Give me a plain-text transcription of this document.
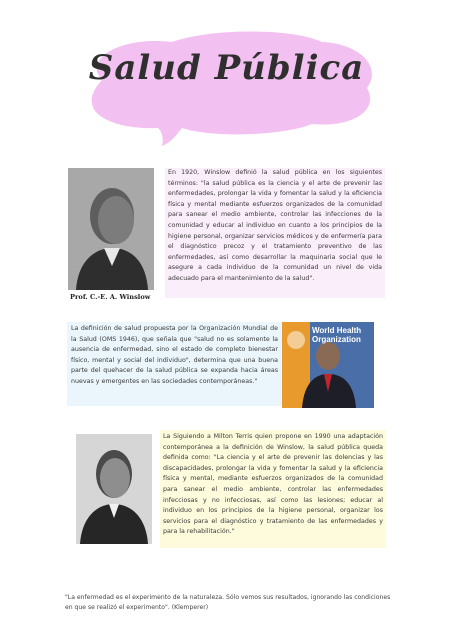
Salud Pública
Prof. C.-E. A. Winslow
En 1920, Winslow definió la salud pública en los siguientes términos: "la salud pública es la ciencia y el arte de prevenir las enfermedades, prolongar la vida y fomentar la salud y la eficiencia física y mental mediante esfuerzos organizados de la comunidad para sanear el medio ambiente, controlar las infecciones de la comunidad y educar al individuo en cuanto a los principios de la higiene personal, organizar servicios médicos y de enfermería para el diagnóstico precoz y el tratamiento preventivo de las enfermedades, así como desarrollar la maquinaria social que le asegure a cada individuo de la comunidad un nivel de vida adecuado para el mantenimiento de la salud".
La definición de salud propuesta por la Organización Mundial de la Salud (OMS 1946), que señala que "salud no es solamente la ausencia de enfermedad, sino el estado de completo bienestar físico, mental y social del individuo", determina que una buena parte del quehacer de la salud pública se expanda hacia áreas nuevas y emergentes en las sociedades contemporáneas."
World Health Organization
La Siguiendo a Milton Terris quien propone en 1990 una adaptación contemporánea a la definición de Winslow, la salud pública queda definida como: "La ciencia y el arte de prevenir las dolencias y las discapacidades, prolongar la vida y fomentar la salud y la eficiencia física y mental, mediante esfuerzos organizados de la comunidad para sanear el medio ambiente, controlar las enfermedades infecciosas y no infecciosas, así como las lesiones; educar al individuo en los principios de la higiene personal, organizar los servicios para el diagnóstico y tratamiento de las enfermedades y para la rehabilitación."
"La enfermedad es el experimento de la naturaleza. Sólo vemos sus resultados, ignorando las condiciones en que se realizó el experimento". (Klemperer)
